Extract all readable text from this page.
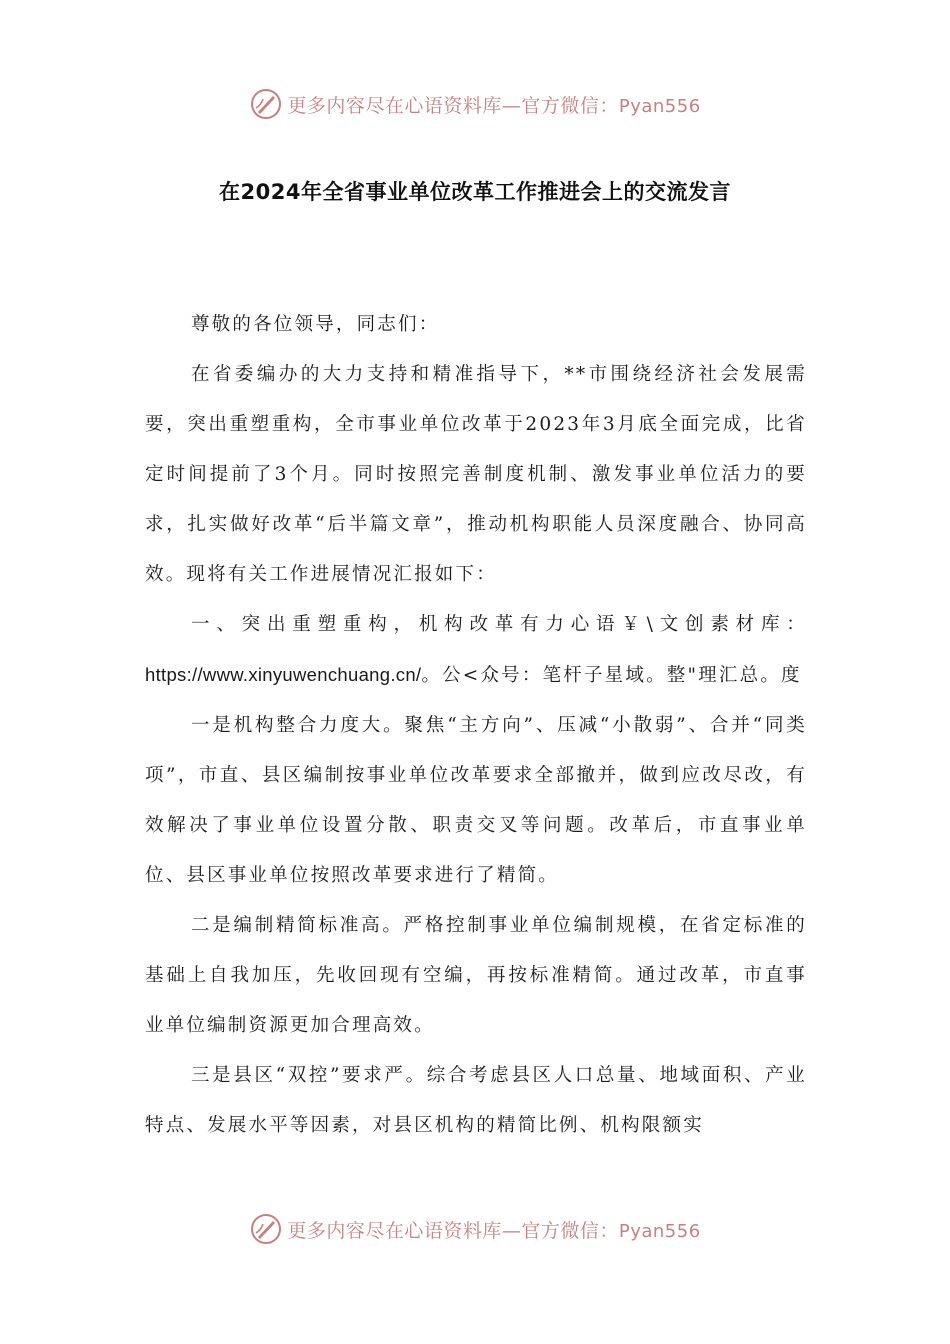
更多内容尽在心语资料库—官方微信：Pyan556
在2024年全省事业单位改革工作推进会上的交流发言

尊敬的各位领导，同志们：

在省委编办的大力支持和精准指导下，**市围绕经济社会发展需要，突出重塑重构，全市事业单位改革于2023年3月底全面完成，比省定时间提前了3个月。同时按照完善制度机制、激发事业单位活力的要求，扎实做好改革“后半篇文章”，推动机构职能人员深度融合、协同高效。现将有关工作进展情况汇报如下：

一、突出重塑重构，机构改革有力心语￥\文创素材库：https://www.xinyuwenchuang.cn/。公<众号：笔杆子星域。整"理汇总。度

一是机构整合力度大。聚焦“主方向”、压减“小散弱”、合并“同类项”，市直、县区编制按事业单位改革要求全部撤并，做到应改尽改，有效解决了事业单位设置分散、职责交叉等问题。改革后，市直事业单位、县区事业单位按照改革要求进行了精简。

二是编制精简标准高。严格控制事业单位编制规模，在省定标准的基础上自我加压，先收回现有空编，再按标准精简。通过改革，市直事业单位编制资源更加合理高效。

三是县区“双控”要求严。综合考虑县区人口总量、地域面积、产业特点、发展水平等因素，对县区机构的精简比例、机构限额实

更多内容尽在心语资料库—官方微信：Pyan556
